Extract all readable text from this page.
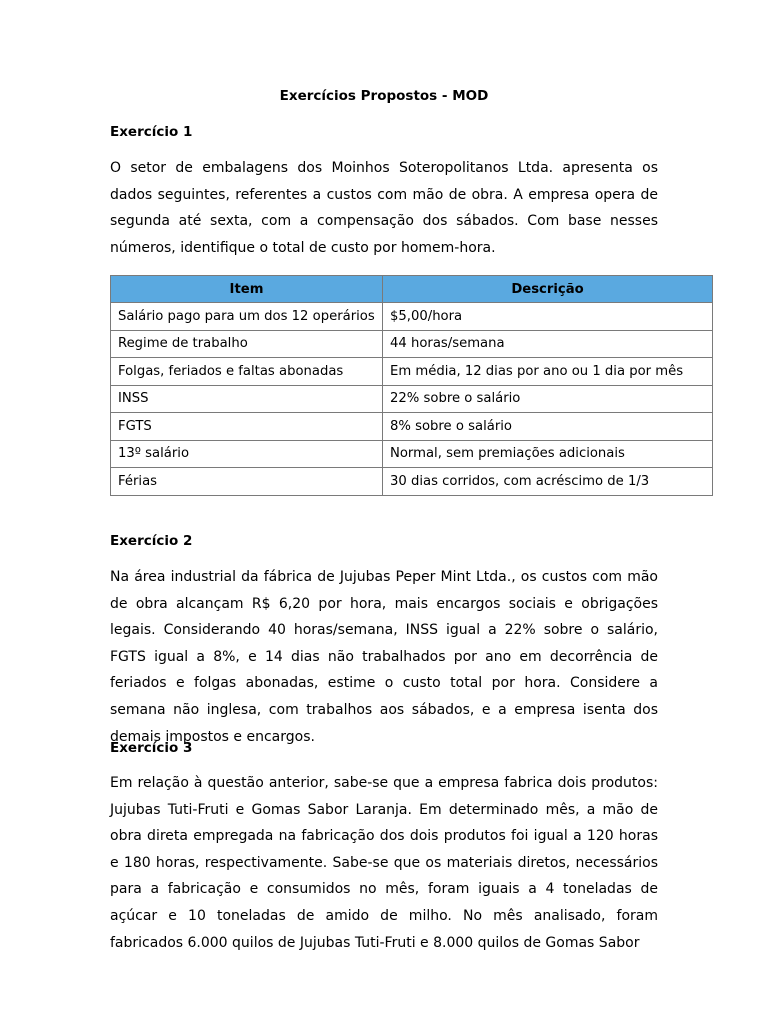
Exercícios Propostos - MOD
Exercício 1

O setor de embalagens dos Moinhos Soteropolitanos Ltda. apresenta os dados seguintes, referentes a custos com mão de obra. A empresa opera de segunda até sexta, com a compensação dos sábados. Com base nesses números, identifique o total de custo por homem-hora.

Item	Descrição
Salário pago para um dos 12 operários	$5,00/hora
Regime de trabalho	44 horas/semana
Folgas, feriados e faltas abonadas	Em média, 12 dias por ano ou 1 dia por mês
INSS	22% sobre o salário
FGTS	8% sobre o salário
13º salário	Normal, sem premiações adicionais
Férias	30 dias corridos, com acréscimo de 1/3
Exercício 2

Na área industrial da fábrica de Jujubas Peper Mint Ltda., os custos com mão de obra alcançam R$ 6,20 por hora, mais encargos sociais e obrigações legais. Considerando 40 horas/semana, INSS igual a 22% sobre o salário, FGTS igual a 8%, e 14 dias não trabalhados por ano em decorrência de feriados e folgas abonadas, estime o custo total por hora. Considere a semana não inglesa, com trabalhos aos sábados, e a empresa isenta dos demais impostos e encargos.

Exercício 3

Em relação à questão anterior, sabe-se que a empresa fabrica dois produtos: Jujubas Tuti-Fruti e Gomas Sabor Laranja. Em determinado mês, a mão de obra direta empregada na fabricação dos dois produtos foi igual a 120 horas e 180 horas, respectivamente. Sabe-se que os materiais diretos, necessários para a fabricação e consumidos no mês, foram iguais a 4 toneladas de açúcar e 10 toneladas de amido de milho. No mês analisado, foram fabricados 6.000 quilos de Jujubas Tuti-Fruti e 8.000 quilos de Gomas Sabor
